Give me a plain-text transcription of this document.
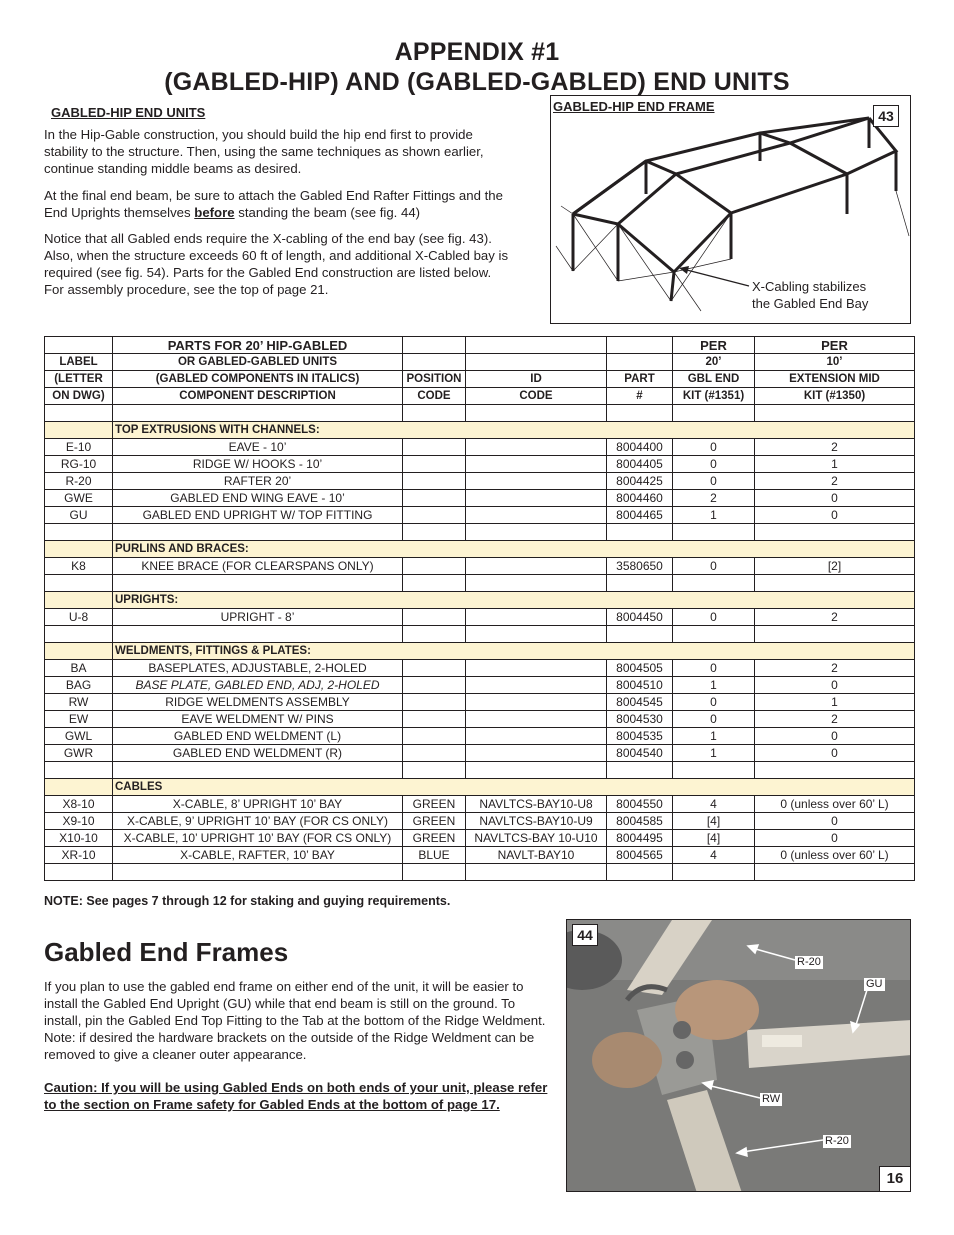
APPENDIX #1
(GABLED-HIP) AND (GABLED-GABLED) END UNITS
GABLED-HIP END UNITS

In the Hip-Gable construction, you should build the hip end first to provide stability to the structure. Then, using the same techniques as shown earlier, continue standing middle beams as desired.

At the final end beam, be sure to attach the Gabled End Rafter Fittings and the End Uprights themselves before standing the beam (see fig. 44)

Notice that all Gabled ends require the X-cabling of the end bay (see fig. 43). Also, when the structure exceeds 60 ft of length, and additional X-Cabled bay is required (see fig. 54). Parts for the Gabled End construction are listed below. For assembly procedure, see the top of page 21.

GABLED-HIP END FRAME
43
X-Cabling stabilizes
the Gabled End Bay
	PARTS FOR 20’ HIP-GABLED				PER	PER
LABEL	OR GABLED-GABLED UNITS				20’	10’
(LETTER	(GABLED COMPONENTS IN ITALICS)	POSITION	ID	PART	GBL END	EXTENSION MID
ON DWG)	COMPONENT DESCRIPTION	CODE	CODE	#	KIT (#1351)	KIT (#1350)

	TOP EXTRUSIONS WITH CHANNELS:					
E-10	EAVE - 10’			8004400	0	2
RG-10	RIDGE W/ HOOKS - 10’			8004405	0	1
R-20	RAFTER 20’			8004425	0	2
GWE	GABLED END WING EAVE - 10’			8004460	2	0
GU	GABLED END UPRIGHT W/ TOP FITTING			8004465	1	0

	PURLINS AND BRACES:					
K8	KNEE BRACE (FOR CLEARSPANS ONLY)			3580650	0	[2]

	UPRIGHTS:					
U-8	UPRIGHT - 8’			8004450	0	2

	WELDMENTS, FITTINGS & PLATES:					
BA	BASEPLATES, ADJUSTABLE, 2-HOLED			8004505	0	2
BAG	BASE PLATE, GABLED END, ADJ, 2-HOLED			8004510	1	0
RW	RIDGE WELDMENTS ASSEMBLY			8004545	0	1
EW	EAVE WELDMENT W/ PINS			8004530	0	2
GWL	GABLED END WELDMENT (L)			8004535	1	0
GWR	GABLED END WELDMENT (R)			8004540	1	0

	CABLES					
X8-10	X-CABLE, 8’ UPRIGHT 10’ BAY	GREEN	NAVLTCS-BAY10-U8	8004550	4	0 (unless over 60’ L)
X9-10	X-CABLE, 9’ UPRIGHT 10’ BAY (FOR CS ONLY)	GREEN	NAVLTCS-BAY10-U9	8004585	[4]	0
X10-10	X-CABLE, 10’ UPRIGHT 10’ BAY (FOR CS ONLY)	GREEN	NAVLTCS-BAY 10-U10	8004495	[4]	0
XR-10	X-CABLE, RAFTER, 10’ BAY	BLUE	NAVLT-BAY10	8004565	4	0 (unless over 60’ L)

NOTE: See pages 7 through 12 for staking and guying requirements.
Gabled End Frames
If you plan to use the gabled end frame on either end of the unit, it will be easier to install the Gabled End Upright (GU) while that end beam is still on the ground. To install, pin the Gabled End Top Fitting to the Tab at the bottom of the Ridge Weldment. Note: if desired the hardware brackets on the outside of the Ridge Weldment can be removed to give a cleaner outer appearance.
Caution: If you will be using Gabled Ends on both ends of your unit, please refer to the section on Frame safety for Gabled Ends at the bottom of page 17.
44
R-20
GU
RW
R-20
16
